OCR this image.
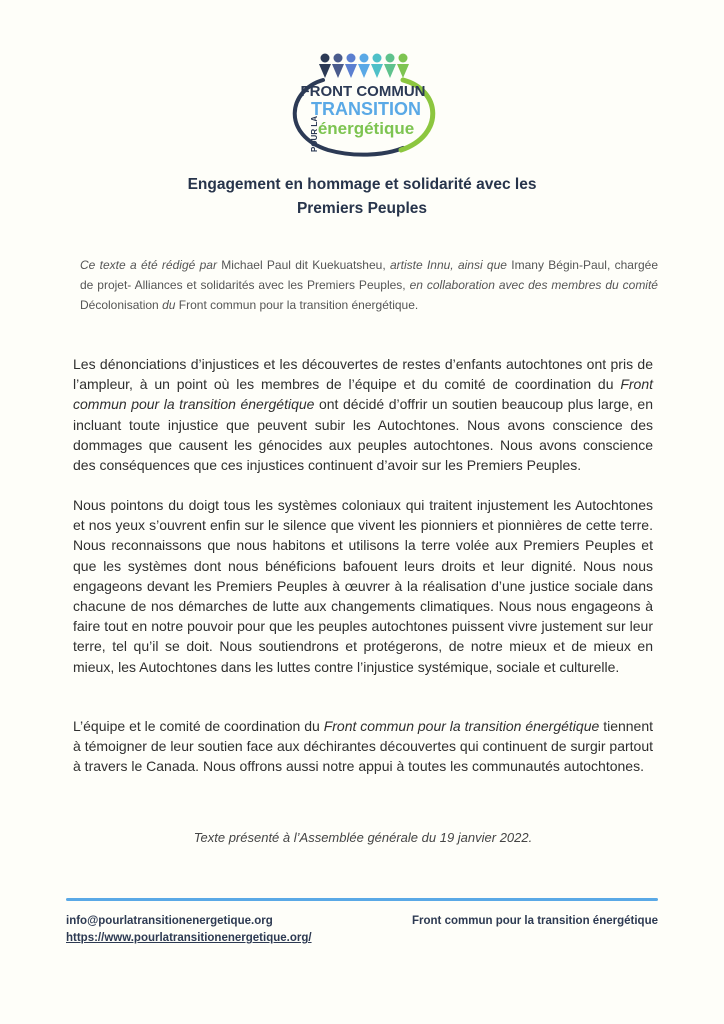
FRONT COMMUN
POUR LA
TRANSITION
énergétique
Engagement en hommage et solidarité avec les
Premiers Peuples

Ce texte a été rédigé par Michael Paul dit Kuekuatsheu, artiste Innu, ainsi que Imany Bégin-Paul, chargée de projet- Alliances et solidarités avec les Premiers Peuples, en collaboration avec des membres du comité Décolonisation du Front commun pour la transition énergétique.

Les dénonciations d’injustices et les découvertes de restes d’enfants autochtones ont pris de l’ampleur, à un point où les membres de l’équipe et du comité de coordination du Front commun pour la transition énergétique ont décidé d’offrir un soutien beaucoup plus large, en incluant toute injustice que peuvent subir les Autochtones. Nous avons conscience des dommages que causent les génocides aux peuples autochtones. Nous avons conscience des conséquences que ces injustices continuent d’avoir sur les Premiers Peuples.

Nous pointons du doigt tous les systèmes coloniaux qui traitent injustement les Autochtones et nos yeux s’ouvrent enfin sur le silence que vivent les pionniers et pionnières de cette terre. Nous reconnaissons que nous habitons et utilisons la terre volée aux Premiers Peuples et que les systèmes dont nous bénéficions bafouent leurs droits et leur dignité. Nous nous engageons devant les Premiers Peuples à œuvrer à la réalisation d’une justice sociale dans chacune de nos démarches de lutte aux changements climatiques. Nous nous engageons à faire tout en notre pouvoir pour que les peuples autochtones puissent vivre justement sur leur terre, tel qu’il se doit. Nous soutiendrons et protégerons, de notre mieux et de mieux en mieux, les Autochtones dans les luttes contre l’injustice systémique, sociale et culturelle.

L’équipe et le comité de coordination du Front commun pour la transition énergétique tiennent à témoigner de leur soutien face aux déchirantes découvertes qui continuent de surgir partout à travers le Canada. Nous offrons aussi notre appui à toutes les communautés autochtones.

Texte présenté à l’Assemblée générale du 19 janvier 2022.

info@pourlatransitionenergetique.org
https://www.pourlatransitionenergetique.org/
Front commun pour la transition énergétique
